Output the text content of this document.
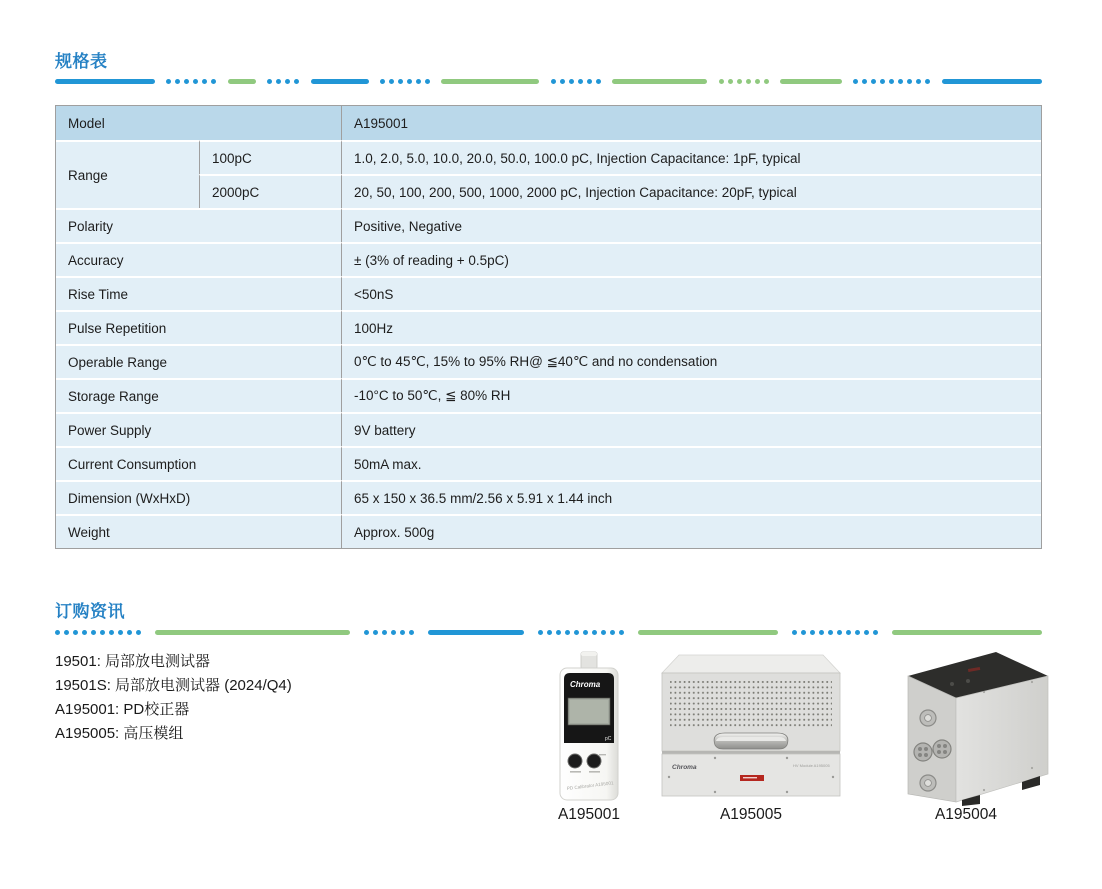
规格表
Model		A195001
Range	100pC	1.0, 2.0, 5.0, 10.0, 20.0, 50.0, 100.0 pC, Injection Capacitance: 1pF, typical
	2000pC	20, 50, 100, 200, 500, 1000, 2000 pC, Injection Capacitance: 20pF, typical
Polarity		Positive, Negative
Accuracy		± (3% of reading + 0.5pC)
Rise Time		<50nS
Pulse Repetition		100Hz
Operable Range		0℃ to 45℃, 15% to 95% RH@ ≦40℃ and no condensation
Storage Range		-10°C to 50℃, ≦ 80% RH
Power Supply		9V battery
Current Consumption		50mA max.
Dimension (WxHxD)		65 x 150 x 36.5 mm/2.56 x 5.91 x 1.44 inch
Weight		Approx. 500g
订购资讯
19501: 局部放电测试器
19501S: 局部放电测试器 (2024/Q4)
A195001: PD校正器
A195005: 高压模组
Chroma
pC
PD Calibrator A195001
A195001
Chroma	HV Module A195005
A195005	A195004
